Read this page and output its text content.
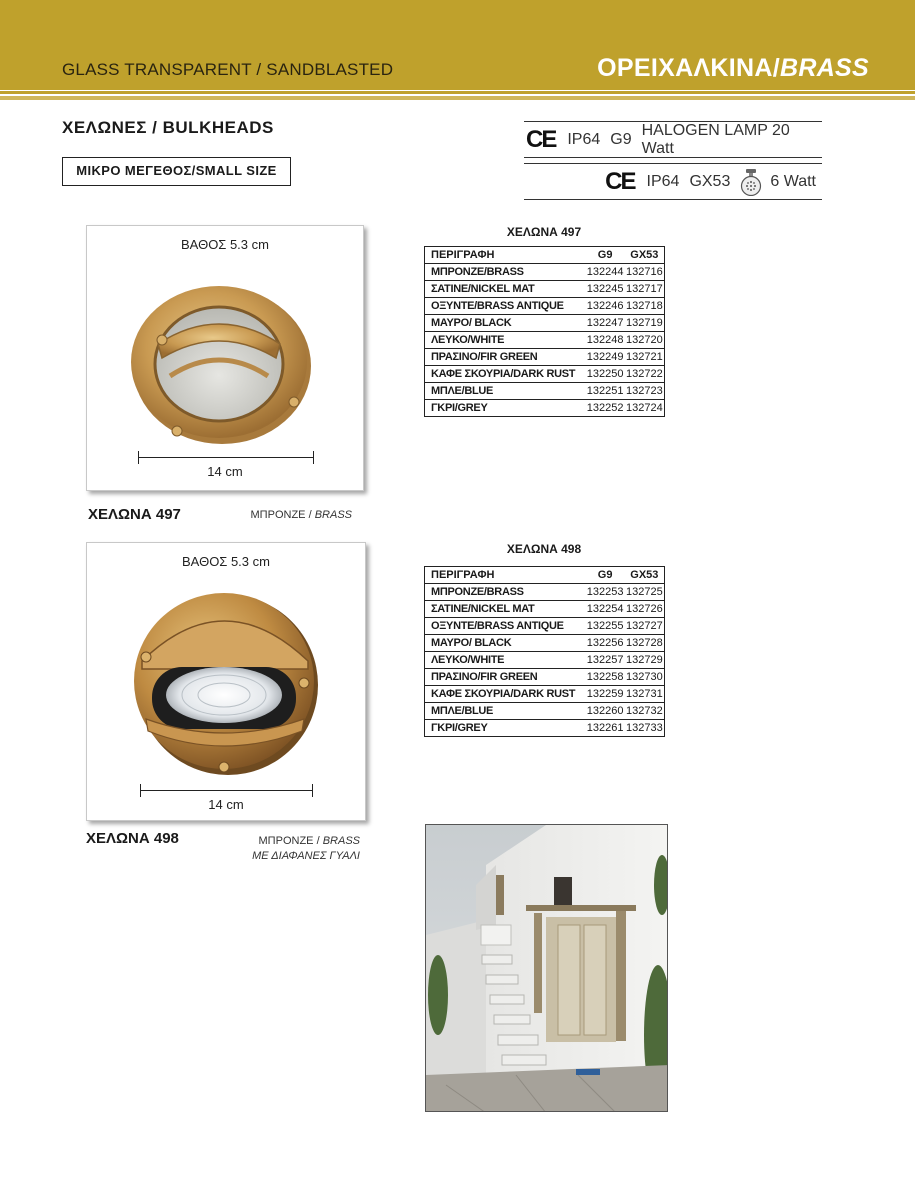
GLASS TRANSPARENT / SANDBLASTED	ΟΡΕΙΧΑΛΚΙΝΑ/BRASS
ΧΕΛΩΝΕΣ / BULKHEADS
ΜΙΚΡΟ ΜΕΓΕΘΟΣ/SMALL SIZE
CE IP64 G9
HALOGEN LAMP 20 Watt
CE IP64 GX53	6 Watt
ΒΑΘΟΣ 5.3 cm
14 cm
ΧΕΛΩΝΑ 497	ΜΠΡΟΝΖΕ / BRASS
ΧΕΛΩΝΑ 497
ΠΕΡΙΓΡΑΦΗ	G9	GX53
ΜΠΡΟΝΖΕ/BRASS	132244	132716
ΣΑΤΙΝΕ/NICKEL MAT	132245	132717
ΟΞΥΝΤΕ/BRASS ANTIQUE	132246	132718
ΜΑΥΡΟ/ BLACK	132247	132719
ΛΕΥΚΟ/WHITE	132248	132720
ΠΡΑΣΙΝΟ/FIR GREEN	132249	132721
ΚΑΦΕ ΣΚΟΥΡΙΑ/DARK RUST	132250	132722
ΜΠΛΕ/BLUE	132251	132723
ΓΚΡΙ/GREY	132252	132724
ΒΑΘΟΣ 5.3 cm
14 cm
ΧΕΛΩΝΑ 498	ΜΠΡΟΝΖΕ / BRASS
ΜΕ ΔΙΑΦΑΝΕΣ ΓΥΑΛΙ
ΧΕΛΩΝΑ 498
ΠΕΡΙΓΡΑΦΗ	G9	GX53
ΜΠΡΟΝΖΕ/BRASS	132253	132725
ΣΑΤΙΝΕ/NICKEL MAT	132254	132726
ΟΞΥΝΤΕ/BRASS ANTIQUE	132255	132727
ΜΑΥΡΟ/ BLACK	132256	132728
ΛΕΥΚΟ/WHITE	132257	132729
ΠΡΑΣΙΝΟ/FIR GREEN	132258	132730
ΚΑΦΕ ΣΚΟΥΡΙΑ/DARK RUST	132259	132731
ΜΠΛΕ/BLUE	132260	132732
ΓΚΡΙ/GREY	132261	132733
